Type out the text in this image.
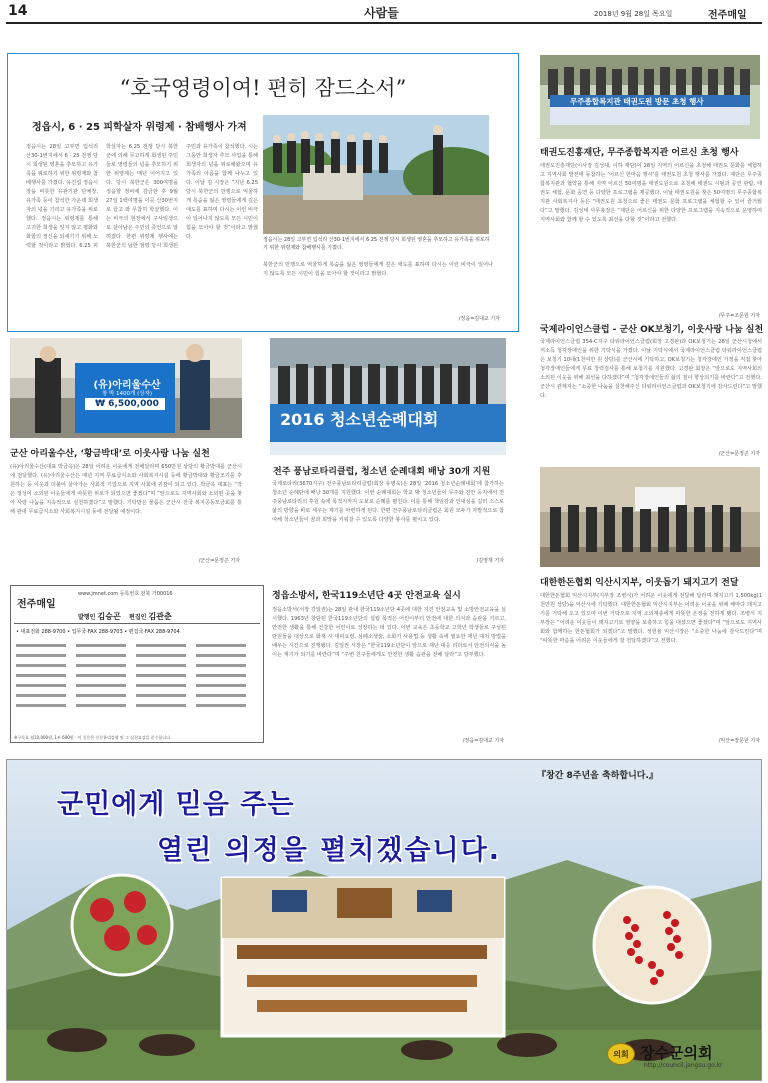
14	사람들	2018년 9월 28일 목요일	전주매일
“호국영령이여! 편히 잠드소서”
정읍시, 6 · 25 피학살자 위령제 · 참배행사 가져
정읍시는 28일 고부면 입석리 산30-1번지에서 6 · 25 전쟁 당시 희생된 영혼을 추모하고 유가족을 위로하기 위한 위령제와 참배행사를 가졌다. 유진섭 정읍시장을 비롯한 유관기관 단체장, 유가족 등이 참석한 가운데 희생자의 넋을 기리고 유가족을 위로했다. 정읍시는 위령제를 통해 고귀한 희생을 잊지 않고 평화와 화합의 정신을 되새기기 위해 노력할 것이라고 밝혔다. 6.25 피학살자는 6.25 전쟁 당시 북한군에 의해 무고하게 희생된 주민들로 영령들의 넋을 추모하기 위한 위령제는 매년 이어지고 있다. 당시 북한군은 300여명을 정읍향 정비에 감금한 후 9월 27일 1백여명을 이곳 산30번지로 끌고 와 무참히 학살했다. 이는 비극의 현장에서 구사일생으로 살아남은 주민의 증언으로 알려졌다. 한편 위령제 행사에는 북한군의 남한 점령 당시 희생된 주민과 유가족이 참석했다. 시는 그동안 희생자 추모 사업을 통해 희생자의 넋을 위로해왔으며 유가족의 아픔을 함께 나누고 있다. 이날 김 시장은 “지난 6.25 당시 북한군의 만행으로 억울하게 목숨을 잃은 영령들에게 깊은 애도를 표하며 다시는 이런 비극이 일어나지 않도록 모든 시민이 힘을 모아야 할 것”이라고 밝혔다.	정읍시는 28일 고부면 입석리 산30-1번지에서 6·25 전쟁 당시 희생된 영혼을 추모하고 유가족을 위로하기 위한 위령제와 참배행사를 가졌다.
북한군의 만행으로 억울하게 목숨을 잃은 영령들에게 깊은 애도를 표하며 다시는 이런 비극이 일어나지 않도록 모든 시민이 힘을 모아야 할 것이라고 밝혔다.
/정읍=김대교 기자
무주종합복지관 태권도원 방문 초청 행사
태권도진흥재단, 무주종합복지관 어르신 초청 행사
태권도진흥재단(이사장 김성태, 이하 재단)이 28일 지역의 어르신을 초청해 태권도 문화를 체험하고 지역사회 발전에 동참하는 ‘어르신 한마음 행사’를 태권도원 초청 행사를 가졌다. 재단은 무주종합복지관과 협약을 통해 지역 어르신 50여명을 태권도원으로 초청해 태권도 시범과 공연 관람, 태권도 체험, 문화 공연 등 다양한 프로그램을 제공했다. 이날 태권도원을 찾은 50여명의 무주종합복지관 사회복지사 등은 “태권도원 초청으로 좋은 태권도 문화 프로그램을 체험할 수 있어 즐거웠다”고 말했다. 김성태 사무총장은 “재단은 어르신을 위한 다양한 프로그램을 지속적으로 운영하며 지역사회와 함께 할 수 있도록 최선을 다할 것”이라고 전했다.
/무주=조문원 기자
국제라이언스클럽 - 군산 OK보청기, 이웃사랑 나눔 실천
국제라이언스클럽 354-C지구 타워라이언스클럽(회장 고경완)과 OK보청기는 28일 군산시청에서 저소득 청각장애인을 위한 기탁식을 가졌다. 이날 기탁식에서 국제라이언스클럽 타워라이언스클럽은 보청기 10대(1천여만 원 상당)를 군산시에 기탁하고, OK보청기는 청각장애인 가정을 직접 찾아 청각장애인들에게 무료 청력검사를 통해 보청기를 지원했다. 고경완 회장은 “앞으로도 지역사회의 소외된 이웃을 위해 최선을 다하겠다”며 “청각장애인들의 삶의 질이 향상되기를 바란다”고 전했다. 군산시 관계자는 “소중한 나눔을 실천해주신 타워라이언스클럽과 OK보청기에 감사드린다”고 말했다.
/군산=문정곤 기자
(유)아리울수산
창 박 1400개 (상자)
₩ 6,500,000
군산 아리울수산, ‘황금박대’로 이웃사랑 나눔 실천
(유)아리울수산(대표 박금옥)은 28일 어려운 이웃에게 전해달라며 650만원 상당의 황금박대를 군산시에 전달했다. (유)아리울수산은 매년 지역 무료급식소와 사회복지시설 등에 황금박대와 황금조기를 후원하는 등 이웃과 더불어 살아가는 사회적 기업으로 지역 사회에 귀감이 되고 있다. 박금옥 대표는 “작은 정성이 소외된 이웃들에게 따뜻한 위로가 되었으면 좋겠다”며 “앞으로도 지역사회와 소외된 곳을 찾아 사랑 나눔을 지속적으로 실천하겠다”고 말했다. 기탁받은 물품은 군산시 전국 복지공동모금회를 통해 관내 무료급식소와 사회복지시설 등에 전달될 예정이다.
/군산=문정곤 기자
2016 청소년순례대회
전주 풍남로타리클럽, 청소년 순례대회 배낭 30개 지원
국제로타리(3670지구) 전주풍남로타리클럽(회장 유병욱)은 28일 ‘2016 청소년순례대회’에 참가하는 청소년 순례단에 배낭 30개를 지원했다. 이번 순례대회는 학교 밖 청소년들이 무주와 진안 등지에서 전주풍남로타리의 후원 속에 목적지까지 도보로 순례를 펼친다. 이를 통해 책임감과 인내심을 길러 스스로 삶의 방향을 바로 세우는 계기를 마련하게 된다. 한편 전주풍남로타리클럽은 회원 모두가 자발적으로 참여해 청소년들이 꿈과 희망을 키워갈 수 있도록 다양한 봉사를 펼치고 있다.
/김영재 기자
전주매일
www.jmnet.com 등록번호 전북 가00016
발행인 김승곤 편집인 김관춘
• 대표전화 288-9700 • 업무국·FAX 288-9703 • 편집국·FAX 288-9704
※구독료 월10,000원, 1부 600원 · 이 신문은 신문윤리강령 및 그 실천요강을 준수합니다.
정읍소방서, 한국119소년단 4곳 안전교육 실시
정읍소방서(서장 강일권)는 28일 관내 한국119소년단 4곳에 대한 지진 안전교육 및 소방안전교육을 실시했다. 1963년 창단된 한국119소년단의 설립 목적은 어린이부터 안전에 대한 의식과 습관을 기르고, 안전한 생활을 통해 건강한 어린이로 성장하는 데 있다. 이번 교육은 초등학교 고학년 학생들로 구성된 단원들을 대상으로 화재 시 대피요령, 심폐소생술, 소화기 사용법 등 생활 속에 필요한 재난 대처 방법을 배우는 시간으로 진행됐다. 김일권 서장은 “한국119소년단이 앞으로 재난 대응 리더로서 안전의식을 높이는 계기가 되기를 바란다”며 “주변 친구들에게도 안전한 생활 습관을 전해 달라”고 당부했다.
/정읍=김대교 기자
대한한돈협회 익산시지부, 이웃돕기 돼지고기 전달
대한한돈협회 익산시지부(지부장 조병식)가 어려운 이웃에게 전달해 달라며 돼지고기 1,500kg(1천만원 상당)을 익산시에 기탁했다. 대한한돈협회 익산시지부는 어려운 이웃을 위해 해마다 돼지고기를 기탁해 오고 있으며 이번 기탁으로 지역 소외계층에게 따뜻한 온정을 전하게 됐다. 조병식 지부장은 “어려운 이웃들이 돼지고기로 영양을 보충하고 힘을 내셨으면 좋겠다”며 “앞으로도 지역사회와 함께하는 한돈협회가 되겠다”고 말했다. 정헌율 익산시장은 “소중한 나눔에 감사드린다”며 “따뜻한 마음을 어려운 이웃들에게 잘 전달하겠다”고 전했다.
/익산=장문원 기자
『창간 8주년을 축하합니다.』
군민에게 믿음 주는
열린 의정을 펼치겠습니다.
의회 장수군의회
http://council.jangsu.go.kr
